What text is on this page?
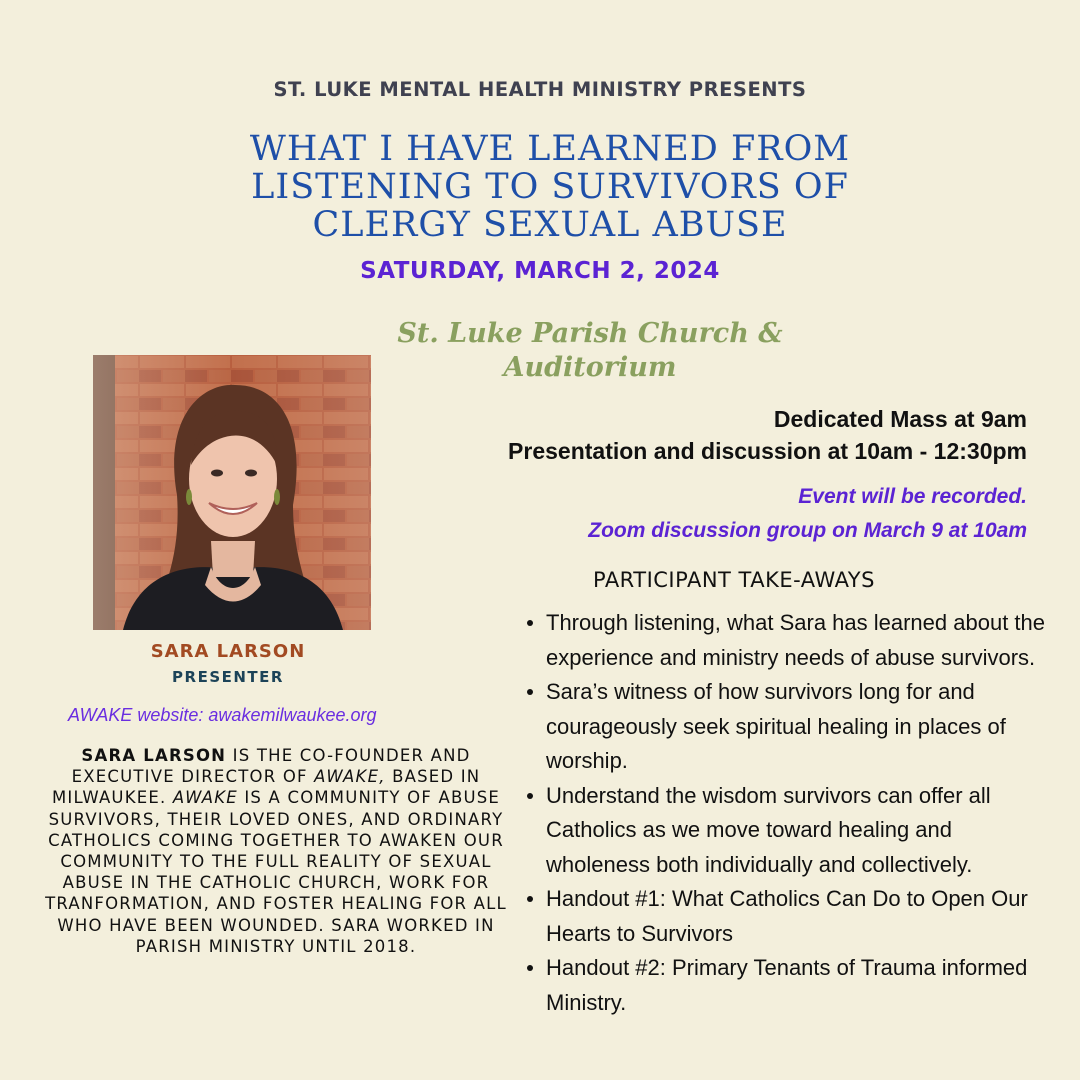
ST. LUKE MENTAL HEALTH MINISTRY PRESENTS
WHAT I HAVE LEARNED FROM
LISTENING TO SURVIVORS OF
CLERGY SEXUAL ABUSE
SATURDAY, MARCH 2, 2024
St. Luke Parish Church &
Auditorium
SARA LARSON
PRESENTER
AWAKE website: awakemilwaukee.org
SARA LARSON IS THE CO-FOUNDER AND EXECUTIVE DIRECTOR OF AWAKE, BASED IN MILWAUKEE. AWAKE IS A COMMUNITY OF ABUSE SURVIVORS, THEIR LOVED ONES, AND ORDINARY CATHOLICS COMING TOGETHER TO AWAKEN OUR COMMUNITY TO THE FULL REALITY OF SEXUAL ABUSE IN THE CATHOLIC CHURCH, WORK FOR TRANFORMATION, AND FOSTER HEALING FOR ALL WHO HAVE BEEN WOUNDED. SARA WORKED IN PARISH MINISTRY UNTIL 2018.
Dedicated Mass at 9am
Presentation and discussion at 10am - 12:30pm
Event will be recorded.
Zoom discussion group on March 9 at 10am
PARTICIPANT TAKE-AWAYS
Through listening, what Sara has learned about the experience and ministry needs of abuse survivors.
Sara’s witness of how survivors long for and courageously seek spiritual healing in places of worship.
Understand the wisdom survivors can offer all Catholics as we move toward healing and wholeness both individually and collectively.
Handout #1: What Catholics Can Do to Open Our Hearts to Survivors
Handout #2: Primary Tenants of Trauma informed Ministry.
